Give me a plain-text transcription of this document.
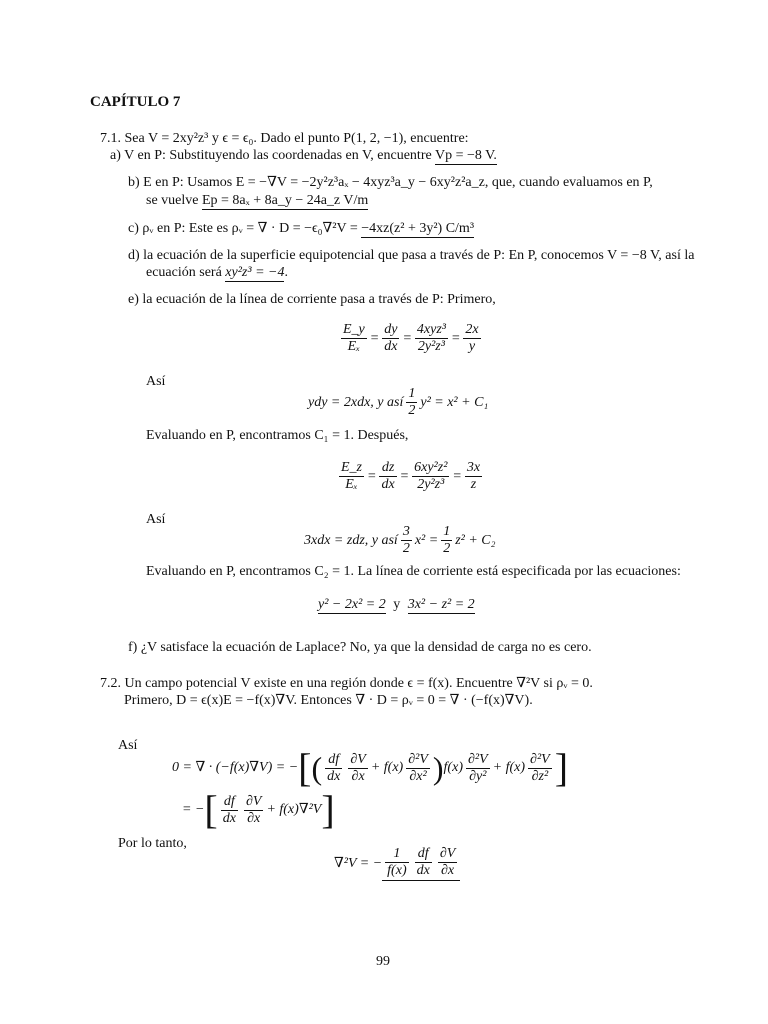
CAPÍTULO 7
7.1. Sea V = 2xy²z³ y ϵ = ϵ₀. Dado el punto P(1, 2, −1), encuentre:
a) V en P: Substituyendo las coordenadas en V, encuentre Vp = −8 V.
b) E en P: Usamos E = −∇V = −2y²z³aₓ − 4xyz³a_y − 6xy²z²a_z, que, cuando evaluamos en P,
se vuelve Ep = 8aₓ + 8a_y − 24a_z V/m
c) ρᵥ en P: Este es ρᵥ = ∇ · D = −ϵ₀∇²V = −4xz(z² + 3y²) C/m³
d) la ecuación de la superficie equipotencial que pasa a través de P: En P, conocemos V = −8 V, así la
ecuación será xy²z³ = −4.
e) la ecuación de la línea de corriente pasa a través de P: Primero,
$\frac{E\_y}{\text{Eₓ}} = \frac{dy}{dx} = \frac{\text{4xyz³}}{\text{2y²z³}} = \frac{2x}{y}$
Así
ydy = 2xdx, y así $\frac{1}{2} y^2 = x^2 + C_1$
Evaluando en P, encontramos C₁ = 1. Después,
$\frac{E\_z}{\text{Eₓ}} = \frac{dz}{dx} = \frac{\text{6xy²z²}}{\text{2y²z³}} = \frac{3x}{z}$
Así
3xdx = zdz, y así $\frac{3}{2} x^2 = \frac{1}{2} z^2 + C_2$
Evaluando en P, encontramos C₂ = 1. La línea de corriente está especificada por las ecuaciones:
y² − 2x² = 2 y 3x² − z² = 2
f) ¿V satisface la ecuación de Laplace? No, ya que la densidad de carga no es cero.
7.2. Un campo potencial V existe en una región donde ϵ = f(x). Encuentre ∇²V si ρᵥ = 0.
Primero, D = ϵ(x)E = −f(x)∇V. Entonces ∇ · D = ρᵥ = 0 = ∇ · (−f(x)∇V).
Así
0 = ∇ · (−f(x)∇V) = − [ ( $\frac{df}{dx} \frac{\partial V}{\partial x} + f(x) \frac{\text{∂²V}}{\text{∂x²}}$ ) $f(x) \frac{\text{∂²V}}{\text{∂y²}} + f(x) \frac{\text{∂²V}}{\text{∂z²}}$ ]
= − [ $\frac{df}{dx} \frac{\partial V}{\partial x} + f(x)\nabla^2V$ ]
Por lo tanto,
∇²V = − $\frac{1}{f(x)} \frac{df}{dx} \frac{\partial V}{\partial x}$
99
